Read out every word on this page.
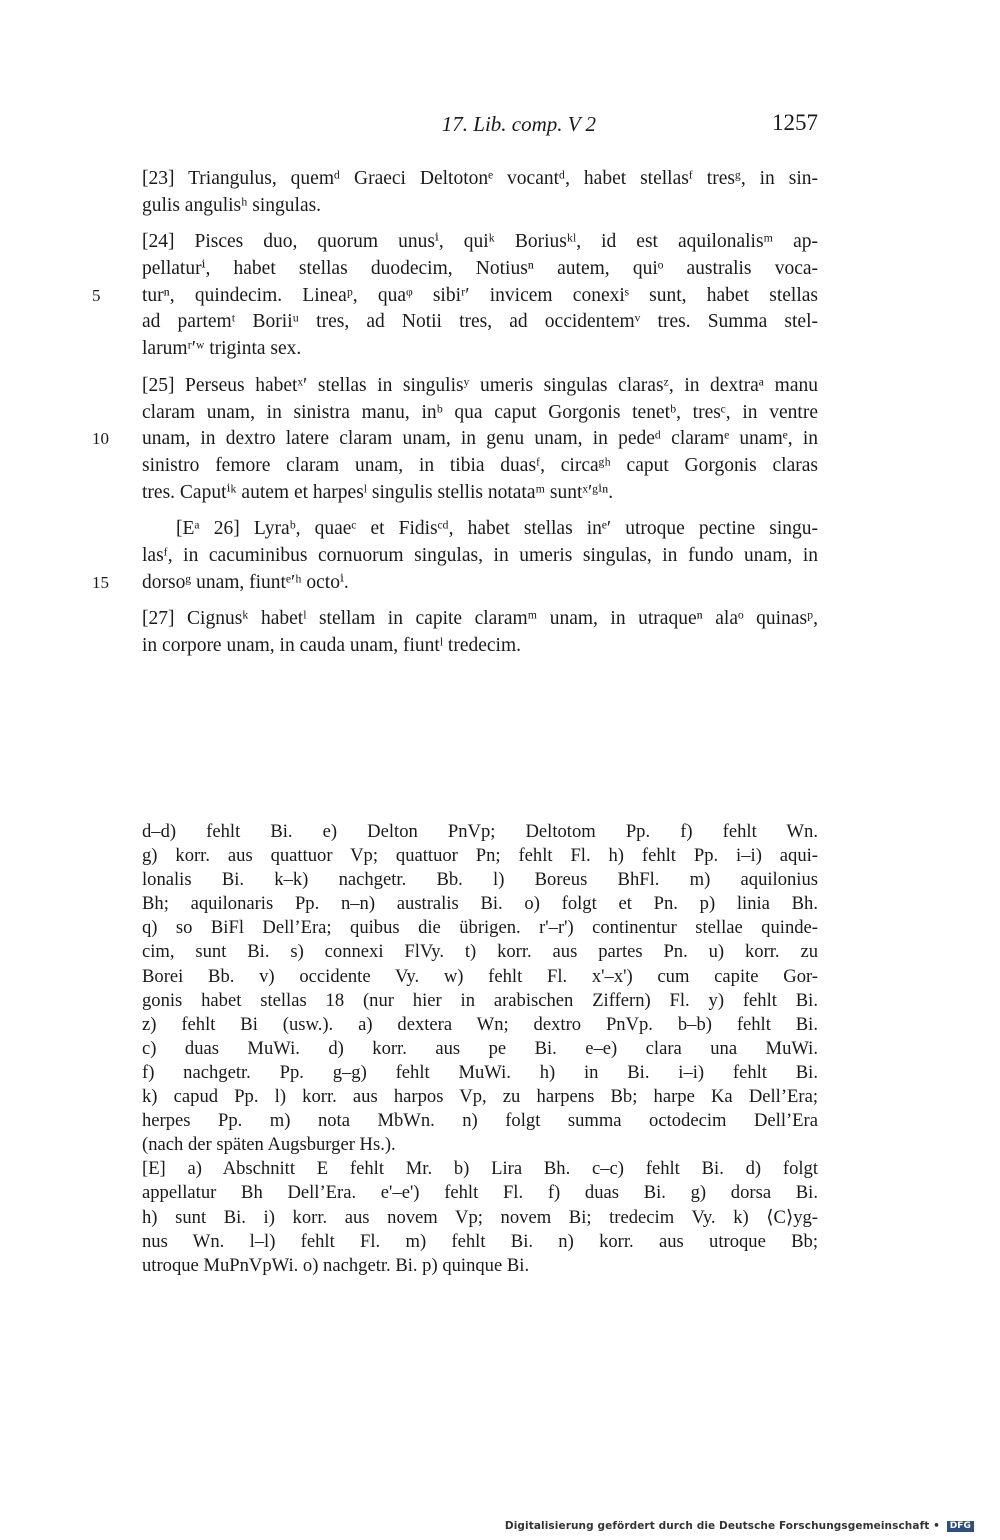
17. Lib. comp. V 2	1257
[23] Triangulus, quemᵈ Graeci Deltotonᵉ vocantᵈ, habet stellasᶠ tresᵍ, in sin-
gulis angulisʰ singulas.
[24] Pisces duo, quorum unusⁱ, quiᵏ Boriusᵏˡ, id est aquilonalisᵐ ap-
pellaturⁱ, habet stellas duodecim, Notiusⁿ autem, quiᵒ australis voca-
5 turⁿ, quindecim. Lineaᵖ, quaᵠ sibiʳ′ invicem conexiˢ sunt, habet stellas
ad partemᵗ Boriiᵘ tres, ad Notii tres, ad occidentemᵛ tres. Summa stel-
larumʳ′ʷ triginta sex.
[25] Perseus habetˣ′ stellas in singulisʸ umeris singulas clarasᶻ, in dextraᵃ manu
claram unam, in sinistra manu, inᵇ qua caput Gorgonis tenetᵇ, tresᶜ, in ventre
10 unam, in dextro latere claram unam, in genu unam, in pedeᵈ claramᵉ unamᵉ, in
sinistro femore claram unam, in tibia duasᶠ, circaᵍʰ caput Gorgonis claras
tres. Caputⁱᵏ autem et harpesˡ singulis stellis notataᵐ suntˣ′ᵍⁱⁿ.
[Eᵃ 26] Lyraᵇ, quaeᶜ et Fidisᶜᵈ, habet stellas inᵉ′ utroque pectine singu-
lasᶠ, in cacuminibus cornuorum singulas, in umeris singulas, in fundo unam, in
15 dorsoᵍ unam, fiuntᵉ′ʰ octoⁱ.
[27] Cignusᵏ habetˡ stellam in capite claramᵐ unam, in utraqueⁿ alaᵒ quinasᵖ,
in corpore unam, in cauda unam, fiuntˡ tredecim.
d–d) fehlt Bi. e) Delton PnVp; Deltotom Pp. f) fehlt Wn.
g) korr. aus quattuor Vp; quattuor Pn; fehlt Fl. h) fehlt Pp. i–i) aqui-
lonalis Bi. k–k) nachgetr. Bb. l) Boreus BhFl. m) aquilonius
Bh; aquilonaris Pp. n–n) australis Bi. o) folgt et Pn. p) linia Bh.
q) so BiFl Dell’Era; quibus die übrigen. r'–r') continentur stellae quinde-
cim, sunt Bi. s) connexi FlVy. t) korr. aus partes Pn. u) korr. zu
Borei Bb. v) occidente Vy. w) fehlt Fl. x'–x') cum capite Gor-
gonis habet stellas 18 (nur hier in arabischen Ziffern) Fl. y) fehlt Bi.
z) fehlt Bi (usw.). a) dextera Wn; dextro PnVp. b–b) fehlt Bi.
c) duas MuWi. d) korr. aus pe Bi. e–e) clara una MuWi.
f) nachgetr. Pp. g–g) fehlt MuWi. h) in Bi. i–i) fehlt Bi.
k) capud Pp. l) korr. aus harpos Vp, zu harpens Bb; harpe Ka Dell’Era;
herpes Pp. m) nota MbWn. n) folgt summa octodecim Dell’Era
(nach der späten Augsburger Hs.).
[E] a) Abschnitt E fehlt Mr. b) Lira Bh. c–c) fehlt Bi. d) folgt
appellatur Bh Dell’Era. e'–e') fehlt Fl. f) duas Bi. g) dorsa Bi.
h) sunt Bi. i) korr. aus novem Vp; novem Bi; tredecim Vy. k) ⟨C⟩yg-
nus Wn. l–l) fehlt Fl. m) fehlt Bi. n) korr. aus utroque Bb;
utroque MuPnVpWi. o) nachgetr. Bi. p) quinque Bi.
Digitalisierung gefördert durch die Deutsche Forschungsgemeinschaft • DFG
